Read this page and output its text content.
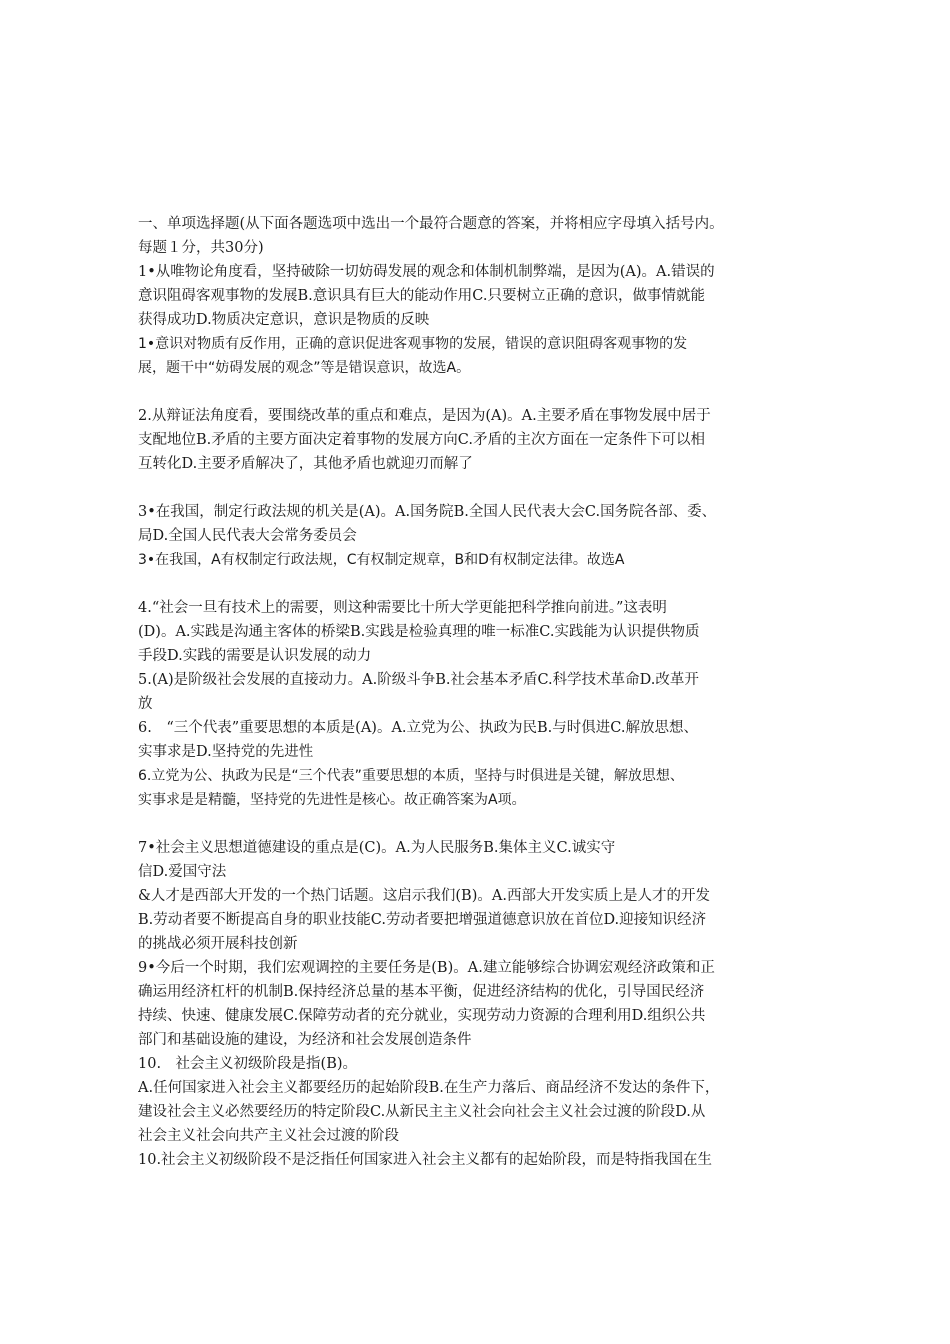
一、单项选择题(从下面各题选项中选出一个最符合题意的答案，并将相应字母填入括号内。
每题１分，共30分)
1•从唯物论角度看，坚持破除一切妨碍发展的观念和体制机制弊端，是因为(A)。A.错误的
意识阻碍客观事物的发展B.意识具有巨大的能动作用C.只要树立正确的意识，做事情就能
获得成功D.物质决定意识，意识是物质的反映
1•意识对物质有反作用，正确的意识促进客观事物的发展，错误的意识阻碍客观事物的发
展，题干中“妨碍发展的观念”等是错误意识，故选A。
2.从辩证法角度看，要围绕改革的重点和难点，是因为(A)。A.主要矛盾在事物发展中居于
支配地位B.矛盾的主要方面决定着事物的发展方向C.矛盾的主次方面在一定条件下可以相
互转化D.主要矛盾解决了，其他矛盾也就迎刃而解了
3•在我国，制定行政法规的机关是(A)。A.国务院B.全国人民代表大会C.国务院各部、委、
局D.全国人民代表大会常务委员会
3•在我国，A有权制定行政法规，C有权制定规章，B和D有权制定法律。故选A
4.“社会一旦有技术上的需要，则这种需要比十所大学更能把科学推向前进。”这表明
(D)。A.实践是沟通主客体的桥梁B.实践是检验真理的唯一标准C.实践能为认识提供物质
手段D.实践的需要是认识发展的动力
5.(A)是阶级社会发展的直接动力。A.阶级斗争B.社会基本矛盾C.科学技术革命D.改革开
放
6.　“三个代表”重要思想的本质是(A)。A.立党为公、执政为民B.与时俱进C.解放思想、
实事求是D.坚持党的先进性
6.立党为公、执政为民是“三个代表”重要思想的本质，坚持与时俱进是关键，解放思想、
实事求是是精髓，坚持党的先进性是核心。故正确答案为A项。
7•社会主义思想道德建设的重点是(C)。A.为人民服务B.集体主义C.诚实守
信D.爱国守法
&人才是西部大开发的一个热门话题。这启示我们(B)。A.西部大开发实质上是人才的开发
B.劳动者要不断提高自身的职业技能C.劳动者要把增强道德意识放在首位D.迎接知识经济
的挑战必须开展科技创新
9•今后一个时期，我们宏观调控的主要任务是(B)。A.建立能够综合协调宏观经济政策和正
确运用经济杠杆的机制B.保持经济总量的基本平衡，促进经济结构的优化，引导国民经济
持续、快速、健康发展C.保障劳动者的充分就业，实现劳动力资源的合理利用D.组织公共
部门和基础设施的建设，为经济和社会发展创造条件
10.　社会主义初级阶段是指(B)。
A.任何国家进入社会主义都要经历的起始阶段B.在生产力落后、商品经济不发达的条件下，
建设社会主义必然要经历的特定阶段C.从新民主主义社会向社会主义社会过渡的阶段D.从
社会主义社会向共产主义社会过渡的阶段
10.社会主义初级阶段不是泛指任何国家进入社会主义都有的起始阶段，而是特指我国在生
